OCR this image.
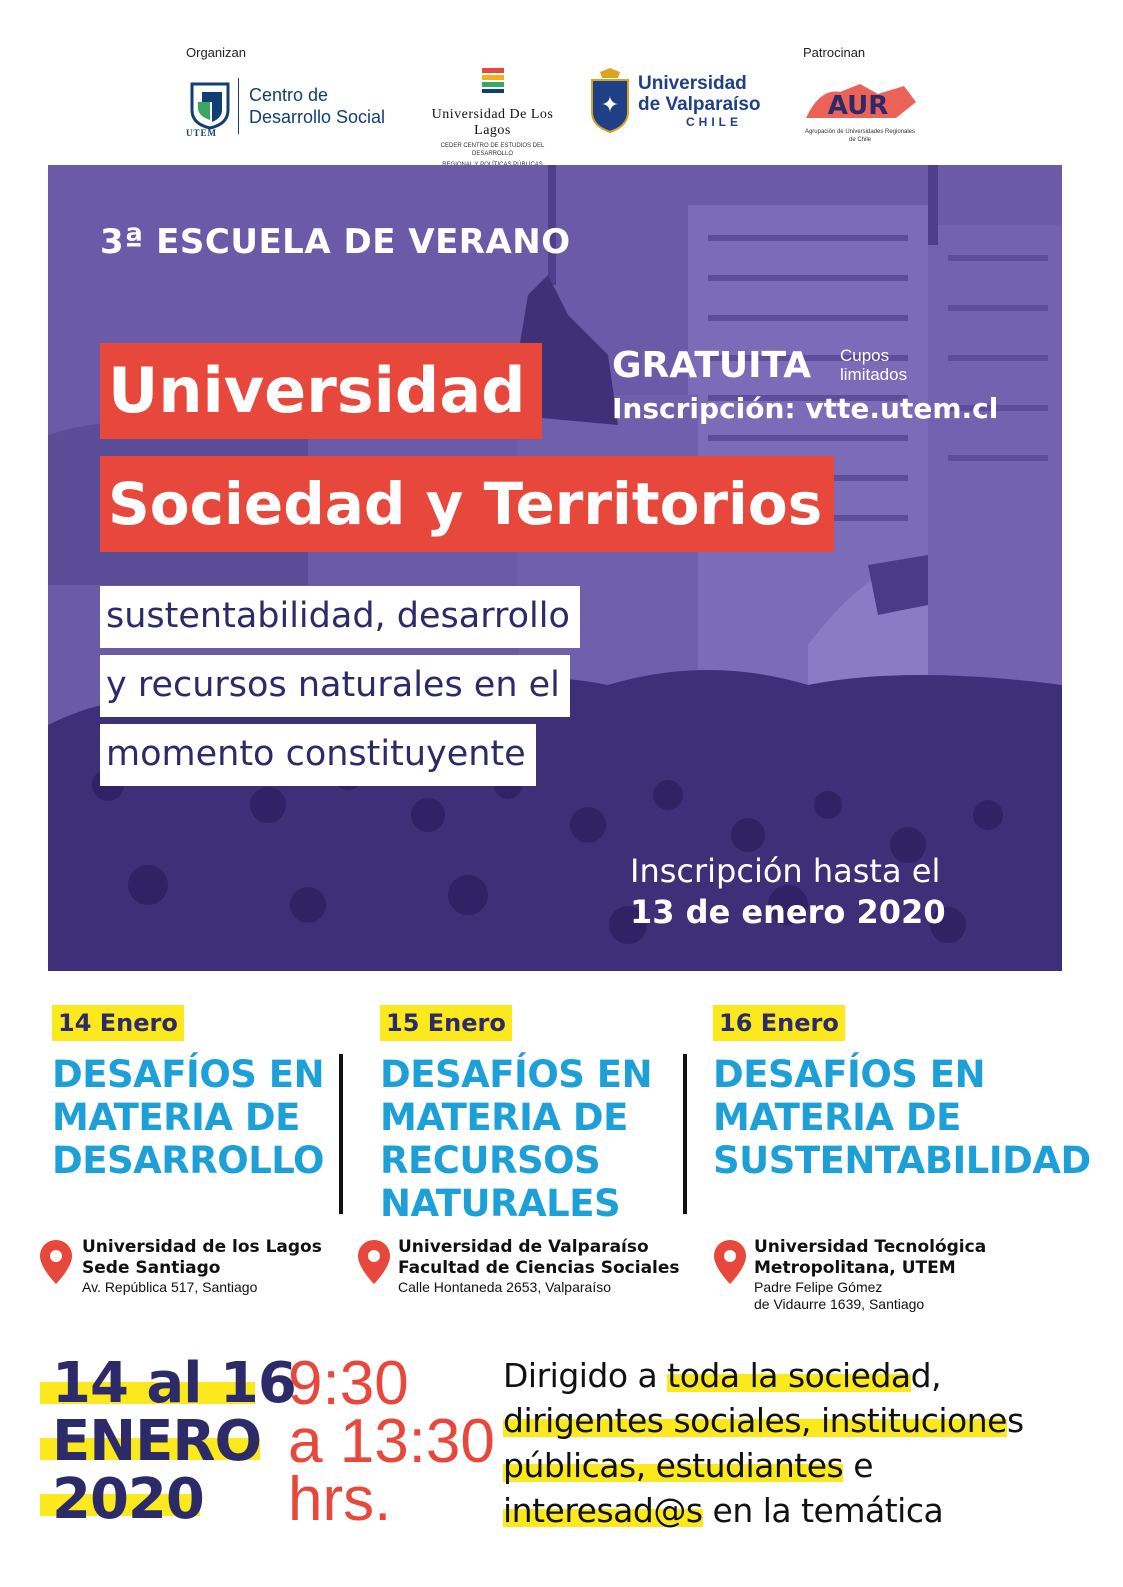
Organizan	Patrocinan
UTEM
Centro de
Desarrollo Social	Universidad De Los Lagos
CEDER CENTRO DE ESTUDIOS DEL DESARROLLO
✦
Universidad
de Valparaíso
CHILE
AUR
Agrupación de Universidades Regionales
de Chile
3ª ESCUELA DE VERANO
Universidad
Sociedad y Territorios
GRATUITA Cupos
limitados
Inscripción: vtte.utem.cl
sustentabilidad, desarrollo
y recursos naturales en el
momento constituyente
Inscripción hasta el
13 de enero 2020
14 Enero
DESAFÍOS EN
MATERIA DE
DESARROLLO
15 Enero
DESAFÍOS EN
MATERIA DE
RECURSOS
NATURALES
16 Enero
DESAFÍOS EN
MATERIA DE
SUSTENTABILIDAD
Universidad de los Lagos
Sede Santiago
Av. República 517, Santiago
Universidad de Valparaíso
Facultad de Ciencias Sociales
Calle Hontaneda 2653, Valparaíso
Universidad Tecnológica
Metropolitana, UTEM
Padre Felipe Gómez
de Vidaurre 1639, Santiago
14 al 16
ENERO
2020
9:30
a 13:30
hrs.
Dirigido a toda la sociedad,
dirigentes sociales, instituciones
públicas, estudiantes e
interesad@s en la temática
